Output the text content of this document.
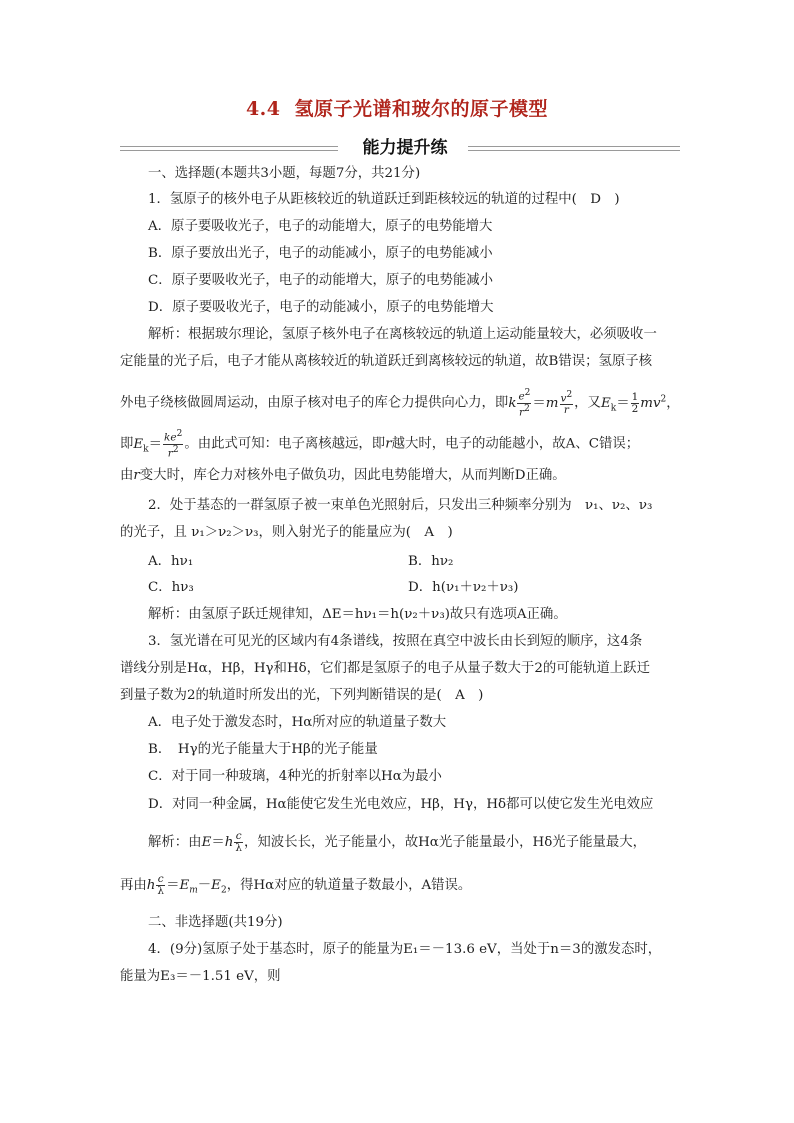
4.4 氢原子光谱和玻尔的原子模型
能力提升练
一、选择题(本题共3小题，每题7分，共21分)
1．氢原子的核外电子从距核较近的轨道跃迁到距核较远的轨道的过程中(　D　)
A．原子要吸收光子，电子的动能增大，原子的电势能增大
B．原子要放出光子，电子的动能减小，原子的电势能减小
C．原子要吸收光子，电子的动能增大，原子的电势能减小
D．原子要吸收光子，电子的动能减小，原子的电势能增大
解析：根据玻尔理论，氢原子核外电子在离核较远的轨道上运动能量较大，必须吸收一
定能量的光子后，电子才能从离核较近的轨道跃迁到离核较远的轨道，故B错误；氢原子核
外电子绕核做圆周运动，由原子核对电子的库仑力提供向心力，即k $\frac{e^2}{r^2} =m \frac{v^2}{r}$ ，又$E_k= \frac{1}{2} mv^2$，
即$E_k= \frac{ke^2}{r^2}$ 。由此式可知：电子离核越远，即r越大时，电子的动能越小，故A、C错误；
由r变大时，库仑力对核外电子做负功，因此电势能增大，从而判断D正确。
2．处于基态的一群氢原子被一束单色光照射后，只发出三种频率分别为　ν₁、ν₂、ν₃
的光子，且 ν₁＞ν₂＞ν₃，则入射光子的能量应为(　A　)
A．hν₁	B．hν₂
C．hν₃	D．h(ν₁＋ν₂＋ν₃)
解析：由氢原子跃迁规律知，ΔE＝hν₁＝h(ν₂＋ν₃)故只有选项A正确。
3．氢光谱在可见光的区域内有4条谱线，按照在真空中波长由长到短的顺序，这4条
谱线分别是Hα，Hβ，Hγ和Hδ，它们都是氢原子的电子从量子数大于2的可能轨道上跃迁
到量子数为2的轨道时所发出的光，下列判断错误的是(　A　)
A．电子处于激发态时，Hα所对应的轨道量子数大
B．　Hγ的光子能量大于Hβ的光子能量
C．对于同一种玻璃，4种光的折射率以Hα为最小
D．对同一种金属，Hα能使它发生光电效应，Hβ，Hγ，Hδ都可以使它发生光电效应
解析：由$E=h \frac{c}{\lambda}$ ，知波长长，光子能量小，故Hα光子能量最小，Hδ光子能量最大，
再由h $\frac{c}{\lambda} =E_m-E_2$，得Hα对应的轨道量子数最小，A错误。
二、非选择题(共19分)
4．(9分)氢原子处于基态时，原子的能量为E₁＝－13.6 eV，当处于n＝3的激发态时，
能量为E₃＝－1.51 eV，则
